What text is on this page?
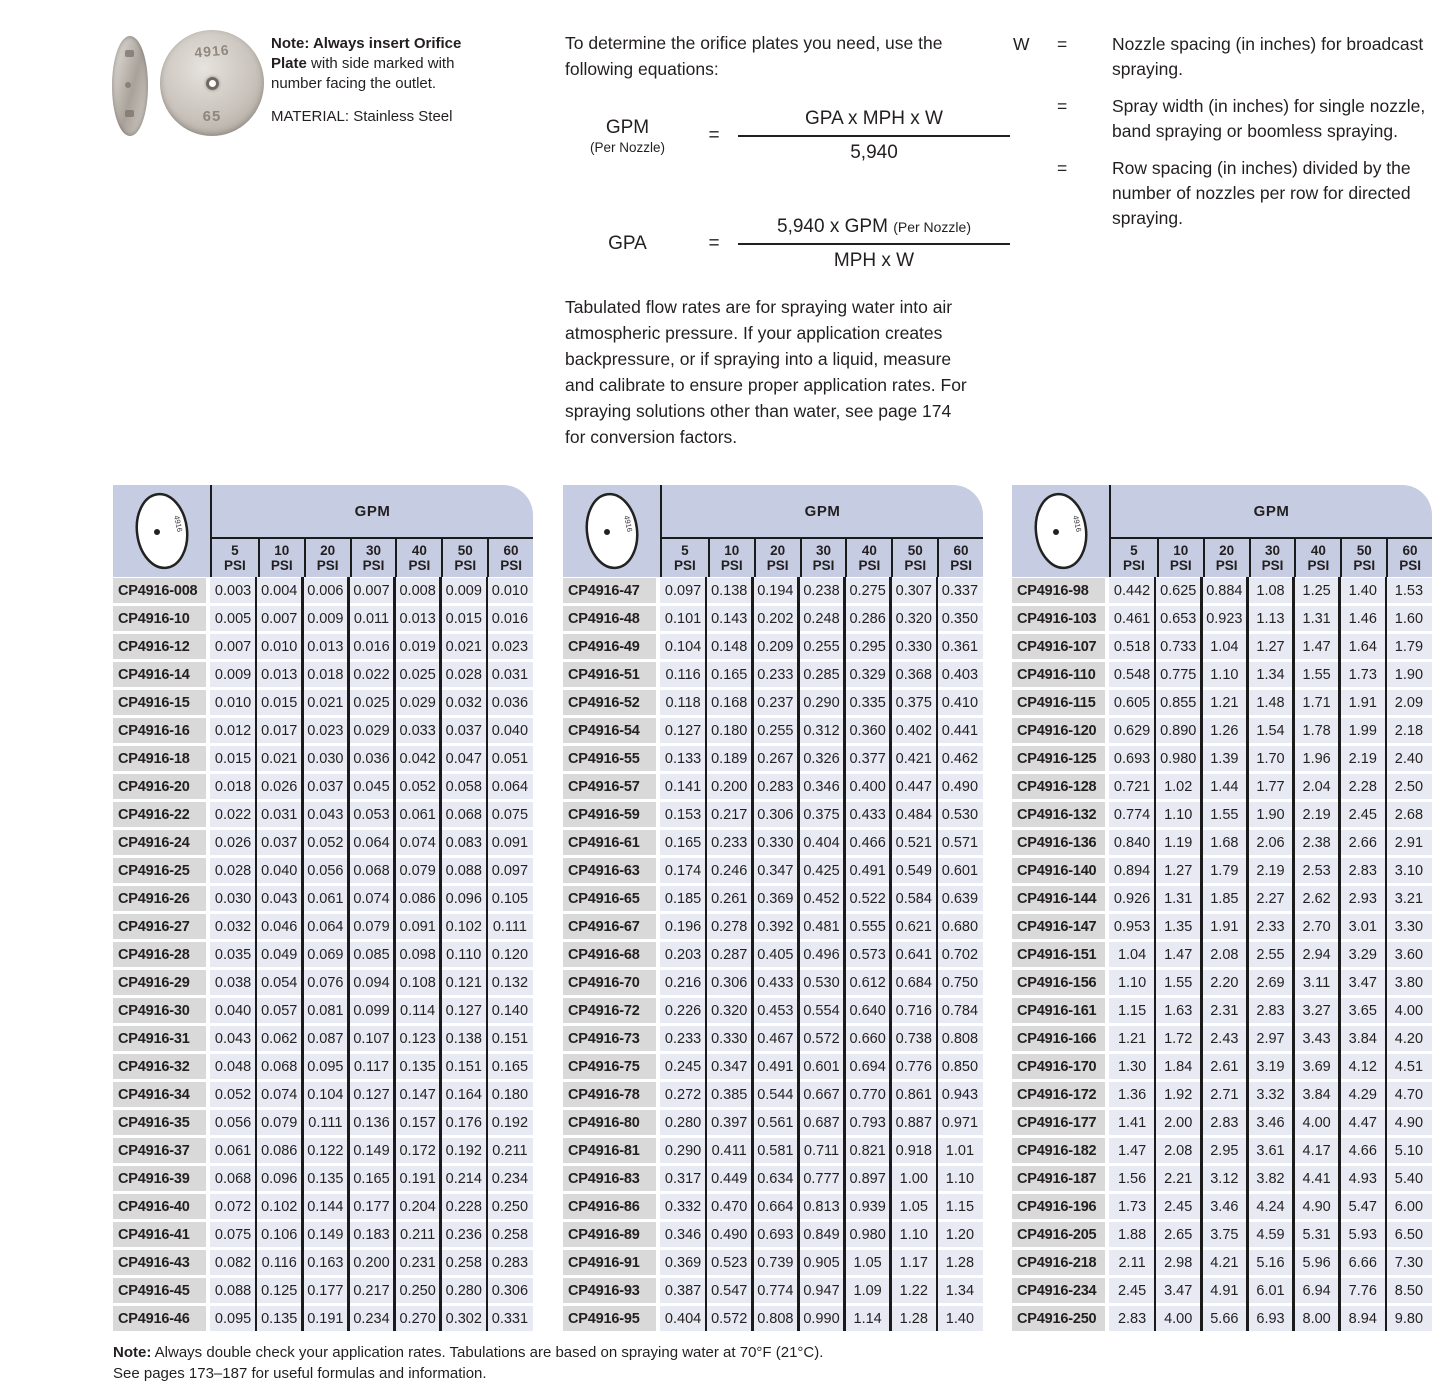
4916
65
Note: Always insert Orifice Plate with side marked with number facing the outlet.
MATERIAL: Stainless Steel
To determine the orifice plates you need, use the following equations:
GPM
(Per Nozzle)
= $\frac{\text{GPA x MPH x W}}{5,940}$
GPA	= $\frac{\text{5,940 x GPM (Per Nozzle)}}{\text{MPH x W}}$
W	=	Nozzle spacing (in inches) for broadcast spraying.
=	Spray width (in inches) for single nozzle, band spraying or boomless spraying.
=	Row spacing (in inches) divided by the number of nozzles per row for directed spraying.
Tabulated flow rates are for spraying water into air atmospheric pressure. If your application creates backpressure, or if spraying into a liquid, measure and calibrate to ensure proper application rates. For spraying solutions other than water, see page 174 for conversion factors.
4916
GPM
5
PSI
10
PSI
20
PSI
30
PSI
40
PSI
50
PSI
60
PSI
CP4916-008	0.003 0.004 0.006 0.007 0.008 0.009 0.010
CP4916-10	0.005 0.007 0.009 0.011 0.013 0.015 0.016
CP4916-12	0.007 0.010 0.013 0.016 0.019 0.021 0.023
CP4916-14	0.009 0.013 0.018 0.022 0.025 0.028 0.031
CP4916-15	0.010 0.015 0.021 0.025 0.029 0.032 0.036
CP4916-16	0.012 0.017 0.023 0.029 0.033 0.037 0.040
CP4916-18	0.015 0.021 0.030 0.036 0.042 0.047 0.051
CP4916-20	0.018 0.026 0.037 0.045 0.052 0.058 0.064
CP4916-22	0.022 0.031 0.043 0.053 0.061 0.068 0.075
CP4916-24	0.026 0.037 0.052 0.064 0.074 0.083 0.091
CP4916-25	0.028 0.040 0.056 0.068 0.079 0.088 0.097
CP4916-26	0.030 0.043 0.061 0.074 0.086 0.096 0.105
CP4916-27	0.032 0.046 0.064 0.079 0.091 0.102 0.111
CP4916-28	0.035 0.049 0.069 0.085 0.098 0.110 0.120
CP4916-29	0.038 0.054 0.076 0.094 0.108 0.121 0.132
CP4916-30	0.040 0.057 0.081 0.099 0.114 0.127 0.140
CP4916-31	0.043 0.062 0.087 0.107 0.123 0.138 0.151
CP4916-32	0.048 0.068 0.095 0.117 0.135 0.151 0.165
CP4916-34	0.052 0.074 0.104 0.127 0.147 0.164 0.180
CP4916-35	0.056 0.079 0.111 0.136 0.157 0.176 0.192
CP4916-37	0.061 0.086 0.122 0.149 0.172 0.192 0.211
CP4916-39	0.068 0.096 0.135 0.165 0.191 0.214 0.234
CP4916-40	0.072 0.102 0.144 0.177 0.204 0.228 0.250
CP4916-41	0.075 0.106 0.149 0.183 0.211 0.236 0.258
CP4916-43	0.082 0.116 0.163 0.200 0.231 0.258 0.283
CP4916-45	0.088 0.125 0.177 0.217 0.250 0.280 0.306
CP4916-46	0.095 0.135 0.191 0.234 0.270 0.302 0.331
4916
GPM
5
PSI
10
PSI
20
PSI
30
PSI
40
PSI
50
PSI
60
PSI
CP4916-47	0.097 0.138 0.194 0.238 0.275 0.307 0.337
CP4916-48	0.101 0.143 0.202 0.248 0.286 0.320 0.350
CP4916-49	0.104 0.148 0.209 0.255 0.295 0.330 0.361
CP4916-51	0.116 0.165 0.233 0.285 0.329 0.368 0.403
CP4916-52	0.118 0.168 0.237 0.290 0.335 0.375 0.410
CP4916-54	0.127 0.180 0.255 0.312 0.360 0.402 0.441
CP4916-55	0.133 0.189 0.267 0.326 0.377 0.421 0.462
CP4916-57	0.141 0.200 0.283 0.346 0.400 0.447 0.490
CP4916-59	0.153 0.217 0.306 0.375 0.433 0.484 0.530
CP4916-61	0.165 0.233 0.330 0.404 0.466 0.521 0.571
CP4916-63	0.174 0.246 0.347 0.425 0.491 0.549 0.601
CP4916-65	0.185 0.261 0.369 0.452 0.522 0.584 0.639
CP4916-67	0.196 0.278 0.392 0.481 0.555 0.621 0.680
CP4916-68	0.203 0.287 0.405 0.496 0.573 0.641 0.702
CP4916-70	0.216 0.306 0.433 0.530 0.612 0.684 0.750
CP4916-72	0.226 0.320 0.453 0.554 0.640 0.716 0.784
CP4916-73	0.233 0.330 0.467 0.572 0.660 0.738 0.808
CP4916-75	0.245 0.347 0.491 0.601 0.694 0.776 0.850
CP4916-78	0.272 0.385 0.544 0.667 0.770 0.861 0.943
CP4916-80	0.280 0.397 0.561 0.687 0.793 0.887 0.971
CP4916-81	0.290 0.411 0.581 0.711 0.821 0.918 1.01
CP4916-83	0.317 0.449 0.634 0.777 0.897 1.00	1.10
CP4916-86	0.332 0.470 0.664 0.813 0.939 1.05	1.15
CP4916-89	0.346 0.490 0.693 0.849 0.980 1.10	1.20
CP4916-91	0.369 0.523 0.739 0.905 1.05	1.17	1.28
CP4916-93	0.387 0.547 0.774 0.947 1.09	1.22	1.34
CP4916-95	0.404 0.572 0.808 0.990 1.14	1.28	1.40
4916
GPM
5
PSI
10
PSI
20
PSI
30
PSI
40
PSI
50
PSI
60
PSI
CP4916-98	0.442 0.625 0.884 1.08	1.25	1.40	1.53
CP4916-103	0.461 0.653 0.923 1.13	1.31	1.46	1.60
CP4916-107	0.518 0.733 1.04	1.27	1.47	1.64	1.79
CP4916-110	0.548 0.775 1.10	1.34	1.55	1.73	1.90
CP4916-115	0.605 0.855 1.21	1.48	1.71	1.91	2.09
CP4916-120	0.629 0.890 1.26	1.54	1.78	1.99	2.18
CP4916-125	0.693 0.980 1.39	1.70	1.96	2.19	2.40
CP4916-128	0.721 1.02	1.44	1.77	2.04	2.28	2.50
CP4916-132	0.774 1.10	1.55	1.90	2.19	2.45	2.68
CP4916-136	0.840 1.19	1.68	2.06	2.38	2.66	2.91
CP4916-140	0.894 1.27	1.79	2.19	2.53	2.83	3.10
CP4916-144	0.926 1.31	1.85	2.27	2.62	2.93	3.21
CP4916-147	0.953 1.35	1.91	2.33	2.70	3.01	3.30
CP4916-151	1.04	1.47	2.08	2.55	2.94	3.29	3.60
CP4916-156	1.10	1.55	2.20	2.69	3.11	3.47	3.80
CP4916-161	1.15	1.63	2.31	2.83	3.27	3.65	4.00
CP4916-166	1.21	1.72	2.43	2.97	3.43	3.84	4.20
CP4916-170	1.30	1.84	2.61	3.19	3.69	4.12	4.51
CP4916-172	1.36	1.92	2.71	3.32	3.84	4.29	4.70
CP4916-177	1.41	2.00	2.83	3.46	4.00	4.47	4.90
CP4916-182	1.47	2.08	2.95	3.61	4.17	4.66	5.10
CP4916-187	1.56	2.21	3.12	3.82	4.41	4.93	5.40
CP4916-196	1.73	2.45	3.46	4.24	4.90	5.47	6.00
CP4916-205	1.88	2.65	3.75	4.59	5.31	5.93	6.50
CP4916-218	2.11	2.98	4.21	5.16	5.96	6.66	7.30
CP4916-234	2.45	3.47	4.91	6.01	6.94	7.76	8.50
CP4916-250	2.83	4.00	5.66	6.93	8.00	8.94	9.80
Note: Always double check your application rates. Tabulations are based on spraying water at 70°F (21°C).
See pages 173–187 for useful formulas and information.
